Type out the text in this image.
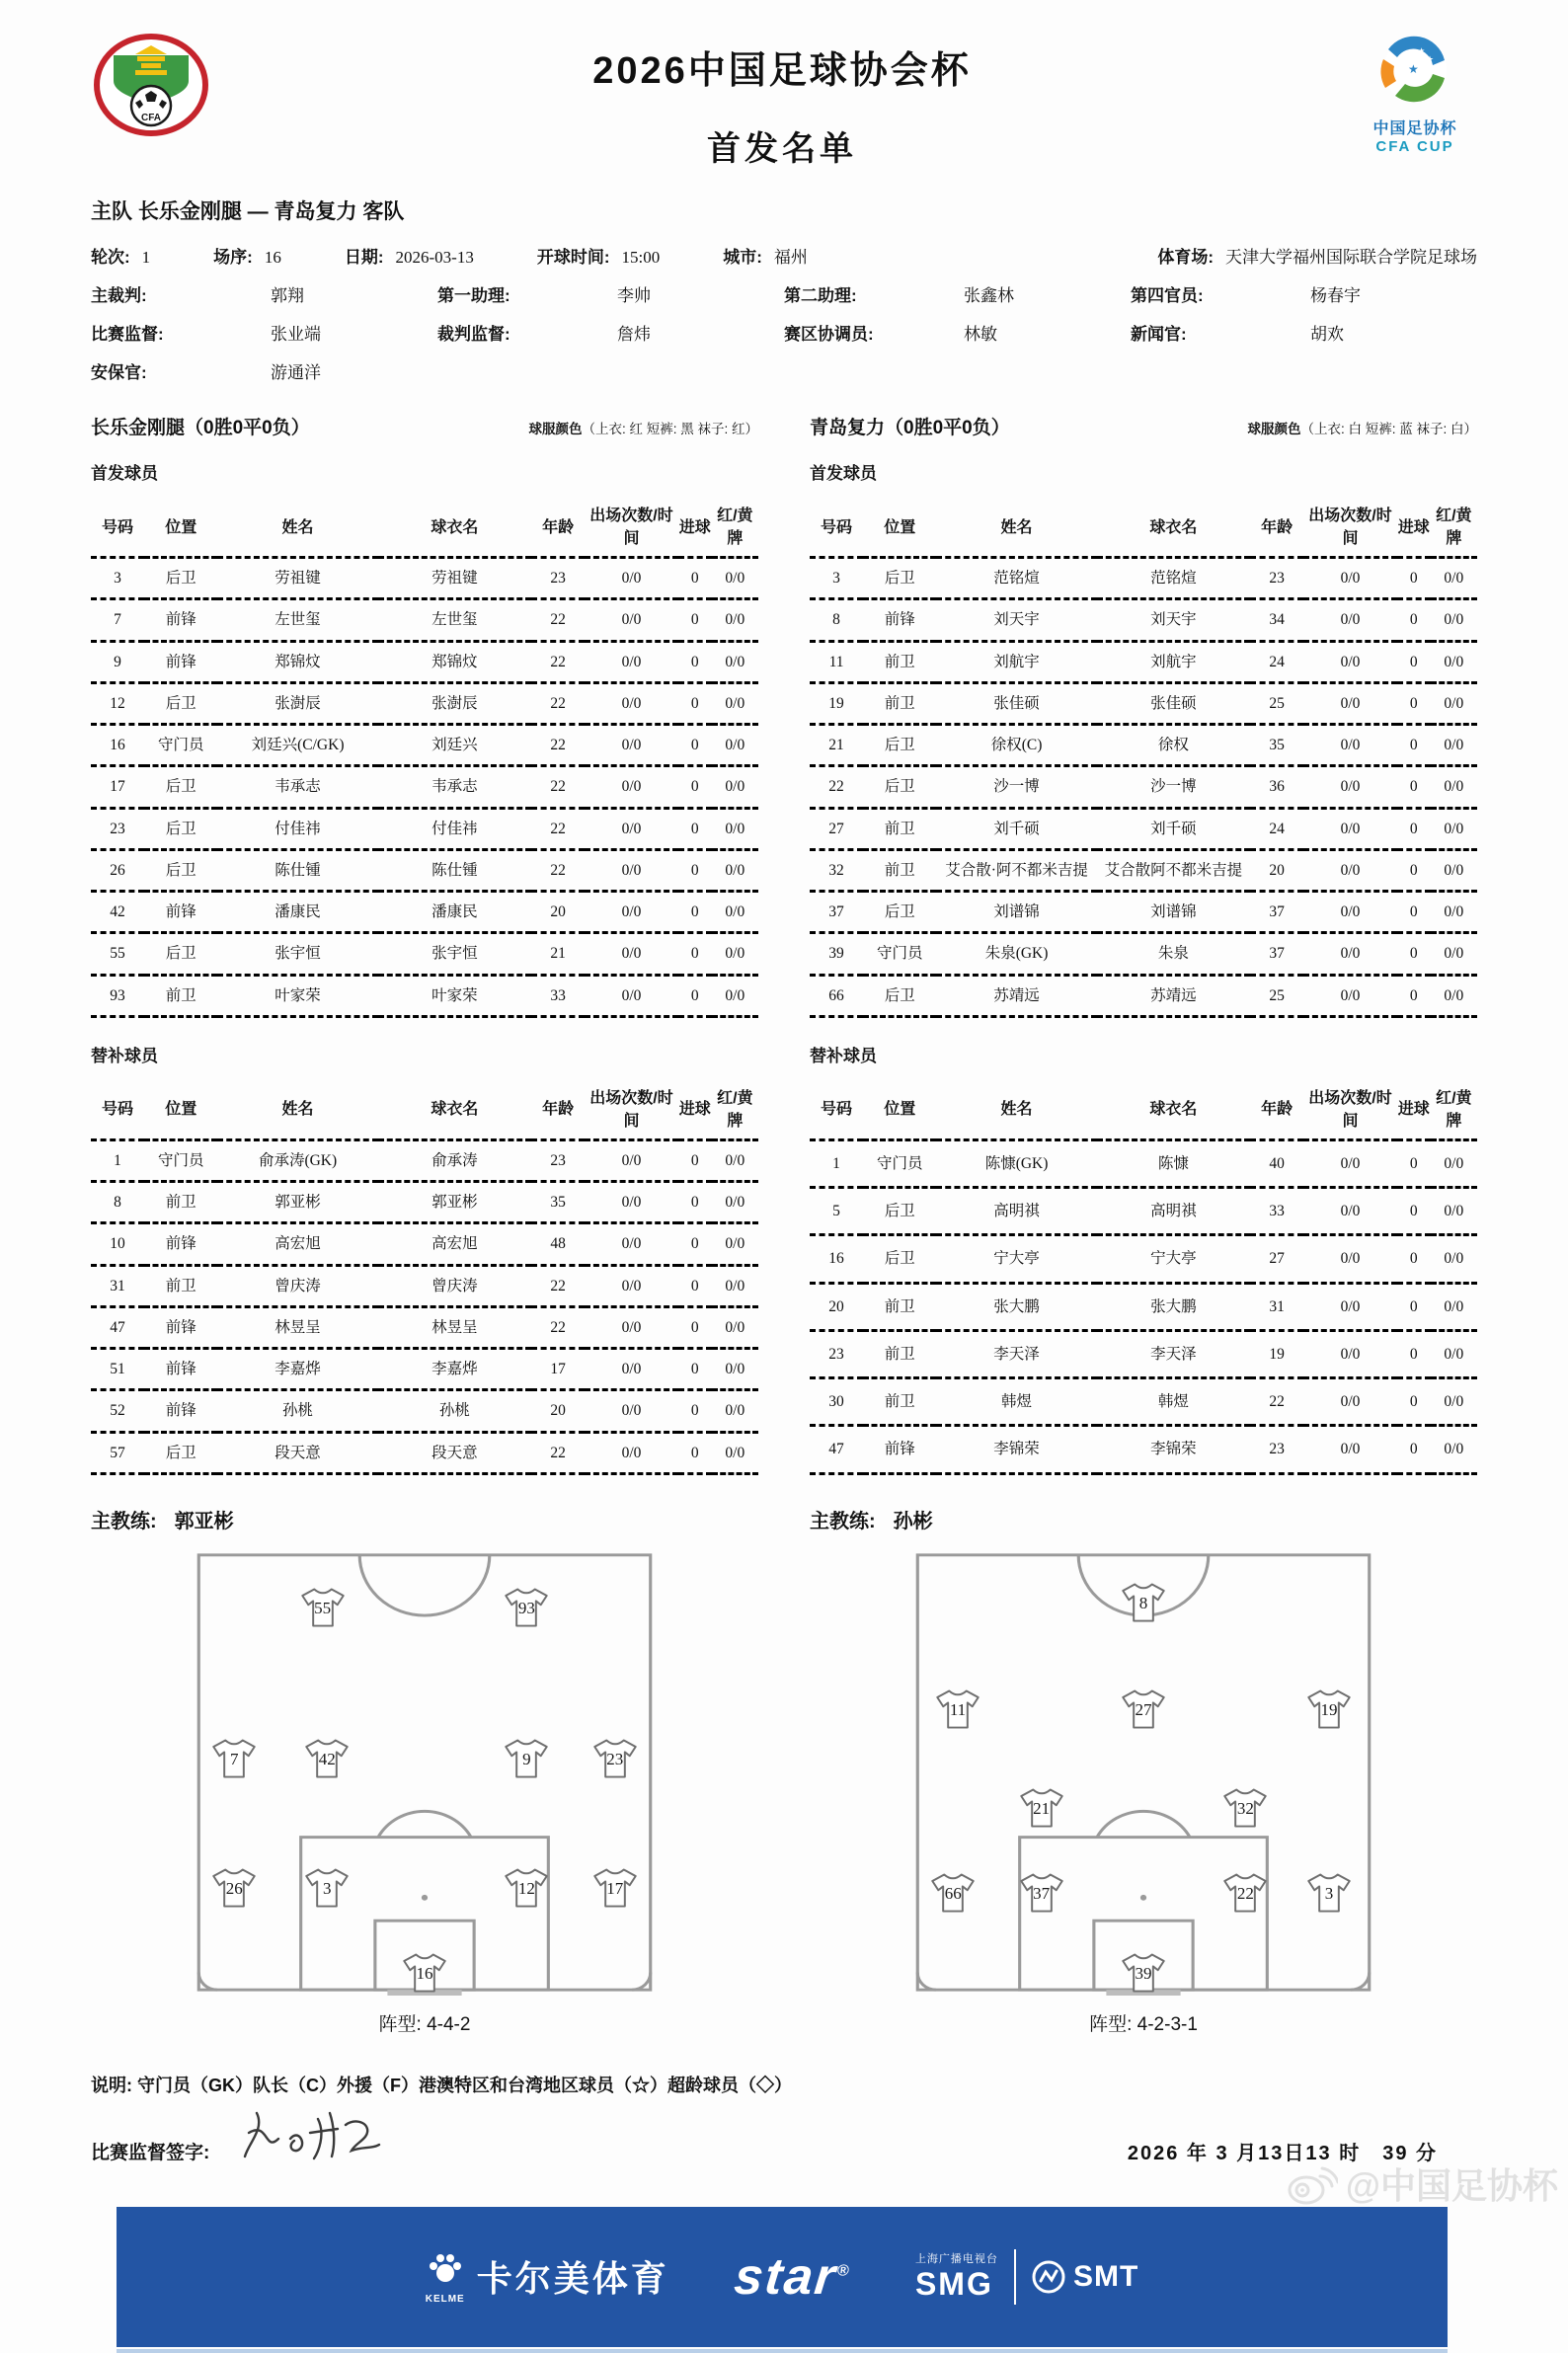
CFA
2026中国足球协会杯
首发名单
★ ★
★
★
中国足协杯
CFA CUP
主队 长乐金刚腿 — 青岛复力 客队
轮次: 1	场序: 16	日期: 2026-03-13	开球时间: 15:00	城市: 福州	体育场: 天津大学福州国际联合学院足球场
主裁判:	郭翔	第一助理:	李帅	第二助理:	张鑫林	第四官员:	杨春宇
比赛监督:	张业端	裁判监督:	詹炜	赛区协调员:	林敏	新闻官:	胡欢
安保官:	游通洋
长乐金刚腿（0胜0平0负）	球服颜色（上衣: 红 短裤: 黑 袜子: 红）	青岛复力（0胜0平0负）	球服颜色（上衣: 白 短裤: 蓝 袜子: 白）
首发球员	首发球员
号码	位置	姓名	球衣名	年龄	出场次数/时间	进球	红/黄牌
3	后卫	劳祖键	劳祖键	23	0/0	0	0/0
7	前锋	左世玺	左世玺	22	0/0	0	0/0
9	前锋	郑锦炆	郑锦炆	22	0/0	0	0/0
12	后卫	张澍辰	张澍辰	22	0/0	0	0/0
16	守门员	刘廷兴(C/GK)	刘廷兴	22	0/0	0	0/0
17	后卫	韦承志	韦承志	22	0/0	0	0/0
23	后卫	付佳祎	付佳祎	22	0/0	0	0/0
26	后卫	陈仕锺	陈仕锺	22	0/0	0	0/0
42	前锋	潘康民	潘康民	20	0/0	0	0/0
55	后卫	张宇恒	张宇恒	21	0/0	0	0/0
93	前卫	叶家荣	叶家荣	33	0/0	0	0/0
号码	位置	姓名	球衣名	年龄	出场次数/时间	进球	红/黄牌
3	后卫	范铭煊	范铭煊	23	0/0	0	0/0
8	前锋	刘天宇	刘天宇	34	0/0	0	0/0
11	前卫	刘航宇	刘航宇	24	0/0	0	0/0
19	前卫	张佳硕	张佳硕	25	0/0	0	0/0
21	后卫	徐权(C)	徐权	35	0/0	0	0/0
22	后卫	沙一博	沙一博	36	0/0	0	0/0
27	前卫	刘千硕	刘千硕	24	0/0	0	0/0
32	前卫	艾合散·阿不都米吉提	艾合散阿不都米吉提	20	0/0	0	0/0
37	后卫	刘谱锦	刘谱锦	37	0/0	0	0/0
39	守门员	朱泉(GK)	朱泉	37	0/0	0	0/0
66	后卫	苏靖远	苏靖远	25	0/0	0	0/0
替补球员	替补球员
号码	位置	姓名	球衣名	年龄	出场次数/时间	进球	红/黄牌
1	守门员	俞承涛(GK)	俞承涛	23	0/0	0	0/0
8	前卫	郭亚彬	郭亚彬	35	0/0	0	0/0
10	前锋	高宏旭	高宏旭	48	0/0	0	0/0
31	前卫	曾庆涛	曾庆涛	22	0/0	0	0/0
47	前锋	林昱呈	林昱呈	22	0/0	0	0/0
51	前锋	李嘉烨	李嘉烨	17	0/0	0	0/0
52	前锋	孙桃	孙桃	20	0/0	0	0/0
57	后卫	段天意	段天意	22	0/0	0	0/0
号码	位置	姓名	球衣名	年龄	出场次数/时间	进球	红/黄牌
1	守门员	陈慷(GK)	陈慷	40	0/0	0	0/0
5	后卫	高明祺	高明祺	33	0/0	0	0/0
16	后卫	宁大亭	宁大亭	27	0/0	0	0/0
20	前卫	张大鹏	张大鹏	31	0/0	0	0/0
23	前卫	李天泽	李天泽	19	0/0	0	0/0
30	前卫	韩煜	韩煜	22	0/0	0	0/0
47	前锋	李锦荣	李锦荣	23	0/0	0	0/0
主教练: 郭亚彬	主教练: 孙彬
55	93
7	42	9	23
26	3	12	17
16
阵型: 4-4-2
8
11	27	19
21	32
66	37	22	3
39
阵型: 4-2-3-1
说明: 守门员（GK）队长（C）外援（F）港澳特区和台湾地区球员（☆）超龄球员（◇）
比赛监督签字:	2026 年 3 月13日13 时　39 分
KELME 卡尔美体育 star®
上海广播电视台
SMG	SMT
@中国足协杯
